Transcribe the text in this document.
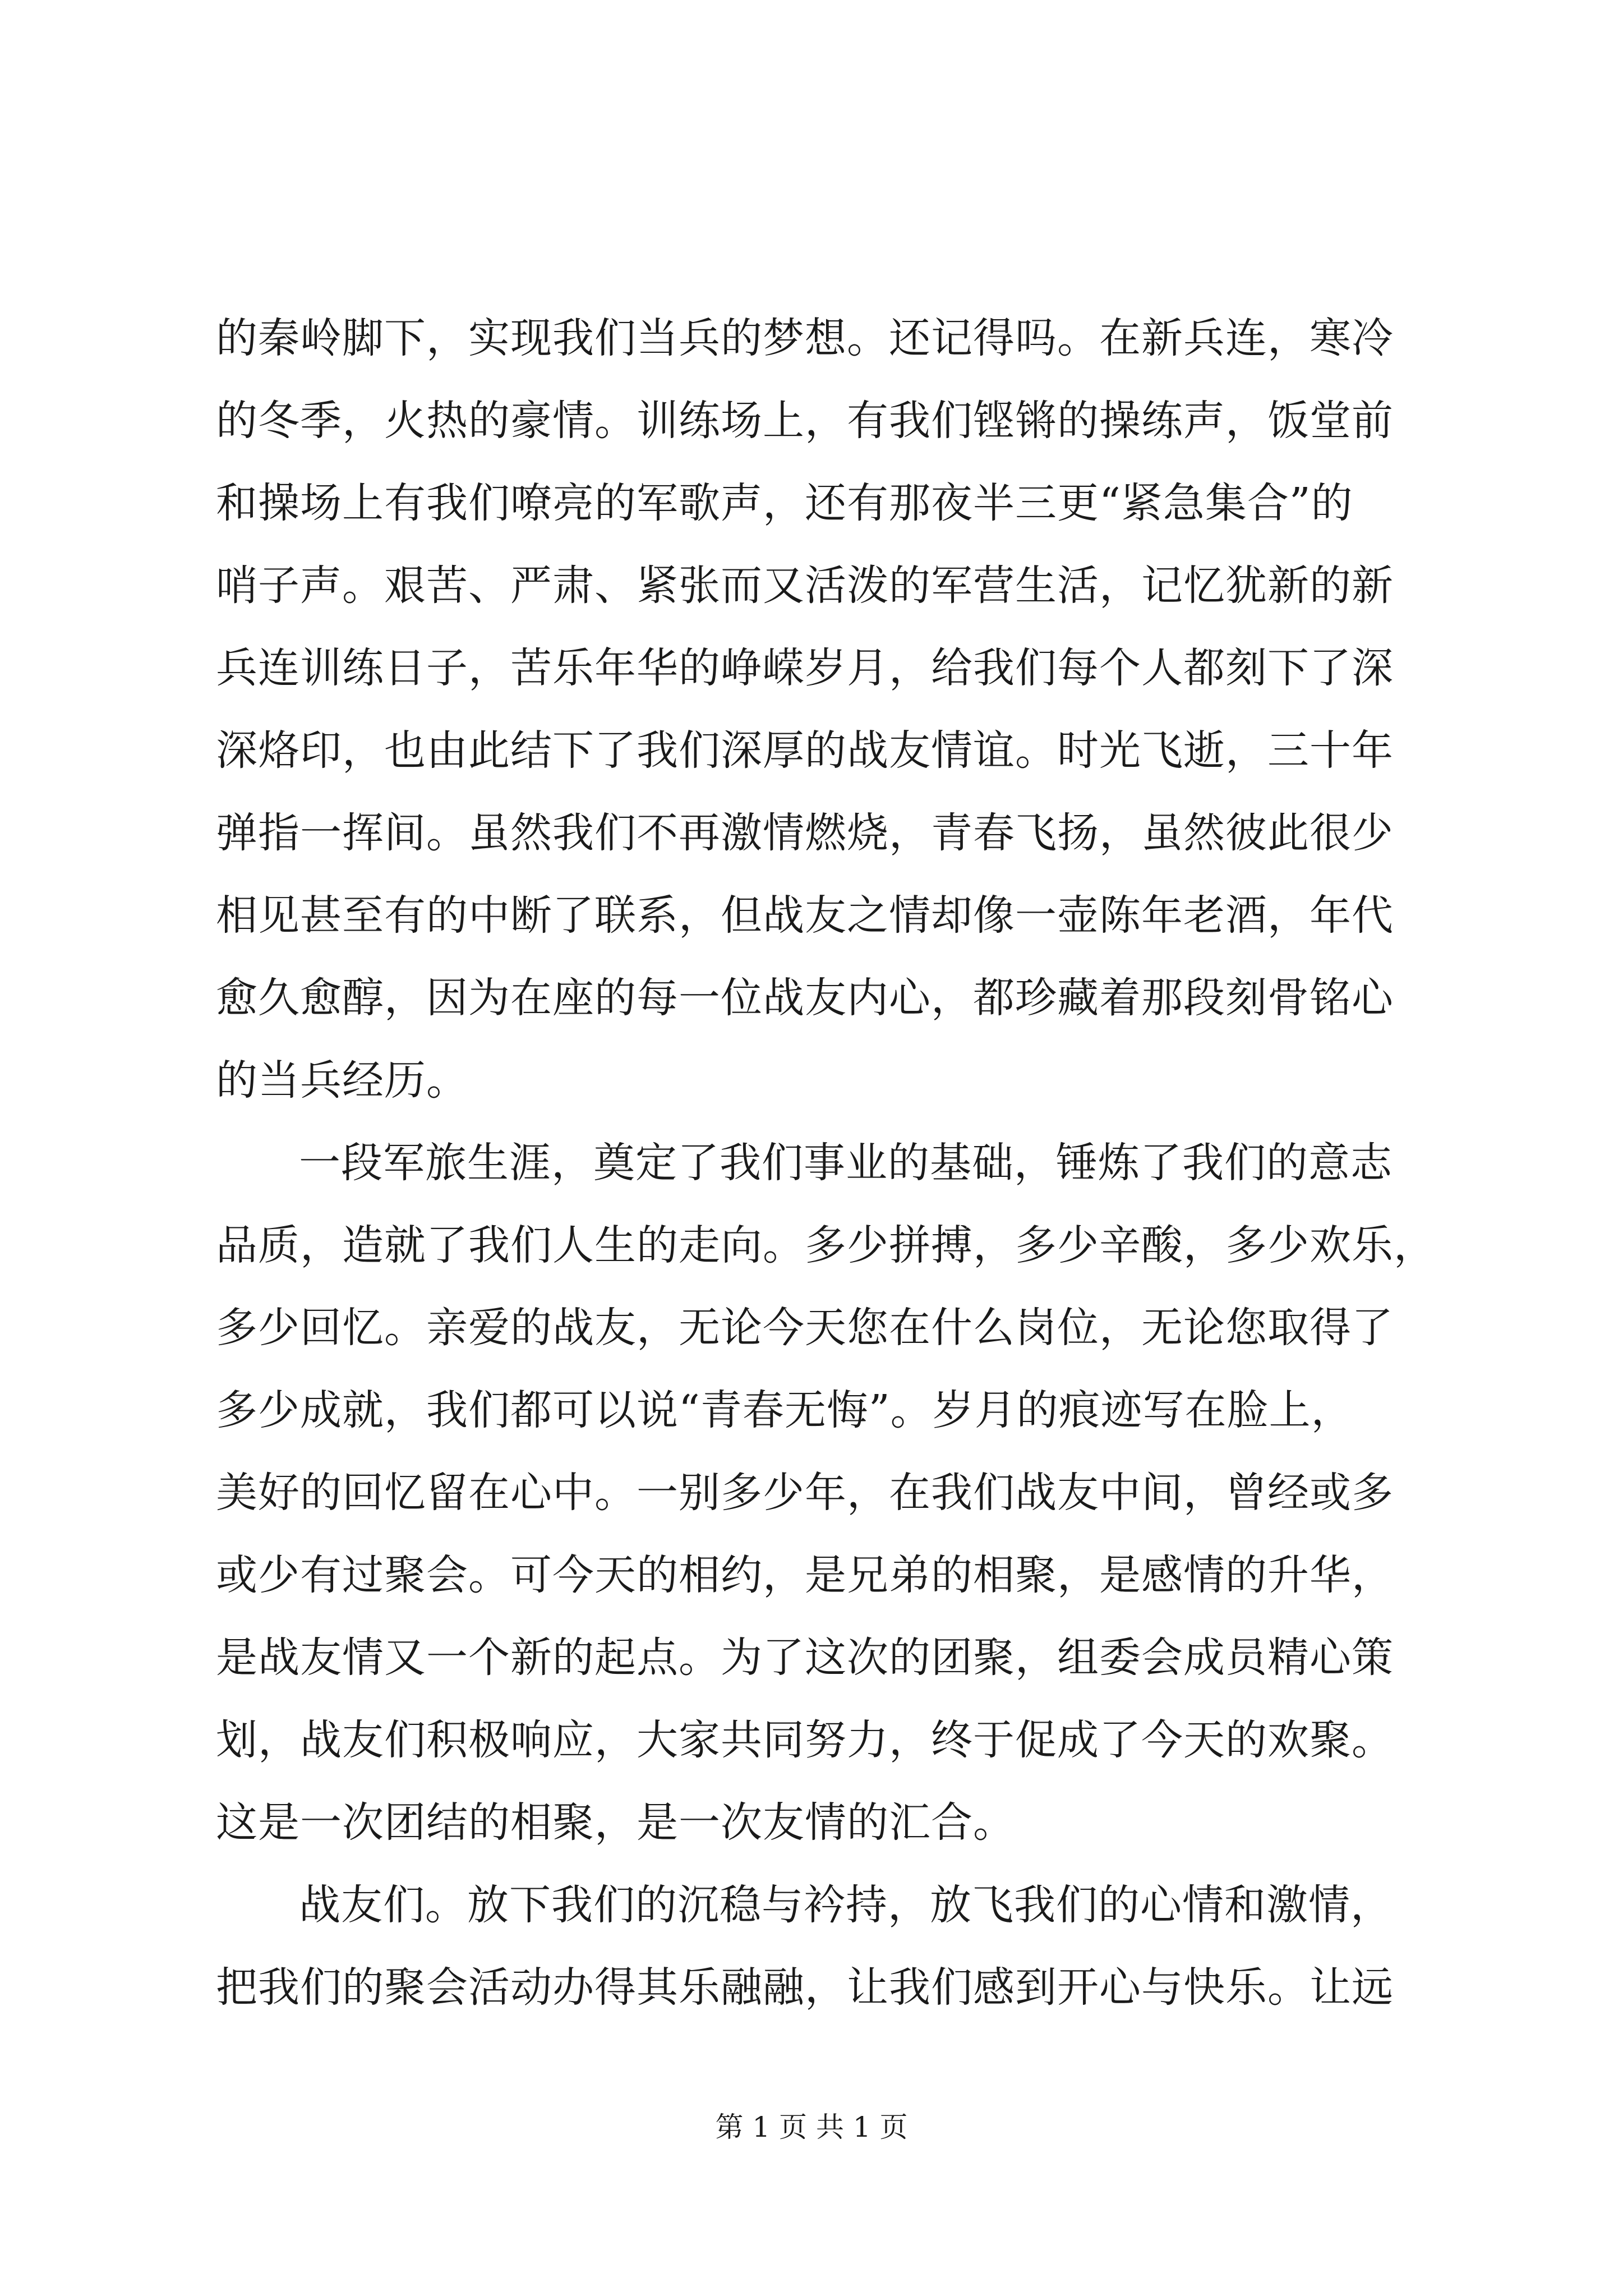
的秦岭脚下，实现我们当兵的梦想。还记得吗。在新兵连，寒冷
的冬季，火热的豪情。训练场上，有我们铿锵的操练声，饭堂前
和操场上有我们嘹亮的军歌声，还有那夜半三更“紧急集合”的
哨子声。艰苦、严肃、紧张而又活泼的军营生活，记忆犹新的新
兵连训练日子，苦乐年华的峥嵘岁月，给我们每个人都刻下了深
深烙印，也由此结下了我们深厚的战友情谊。时光飞逝，三十年
弹指一挥间。虽然我们不再激情燃烧，青春飞扬，虽然彼此很少
相见甚至有的中断了联系，但战友之情却像一壶陈年老酒，年代
愈久愈醇，因为在座的每一位战友内心，都珍藏着那段刻骨铭心
的当兵经历。
一段军旅生涯，奠定了我们事业的基础，锤炼了我们的意志
品质，造就了我们人生的走向。多少拼搏，多少辛酸，多少欢乐，
多少回忆。亲爱的战友，无论今天您在什么岗位，无论您取得了
多少成就，我们都可以说“青春无悔”。岁月的痕迹写在脸上，
美好的回忆留在心中。一别多少年，在我们战友中间，曾经或多
或少有过聚会。可今天的相约，是兄弟的相聚，是感情的升华，
是战友情又一个新的起点。为了这次的团聚，组委会成员精心策
划，战友们积极响应，大家共同努力，终于促成了今天的欢聚。
这是一次团结的相聚，是一次友情的汇合。
战友们。放下我们的沉稳与衿持，放飞我们的心情和激情，
把我们的聚会活动办得其乐融融，让我们感到开心与快乐。让远
第 1 页 共 1 页
